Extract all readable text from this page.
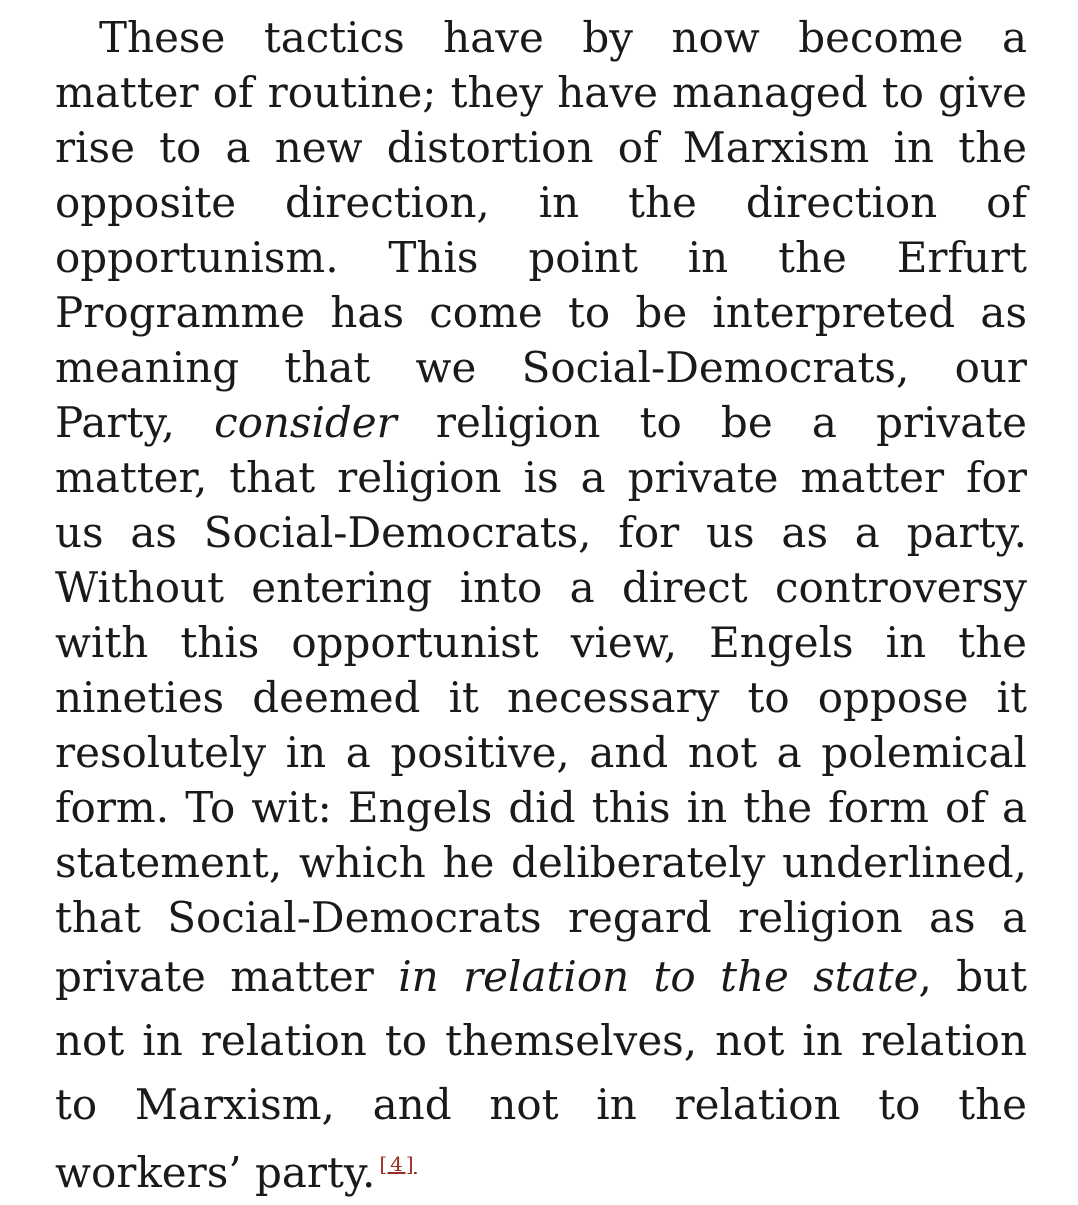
These tactics have by now become a matter of routine; they have managed to give rise to a new distortion of Marxism in the opposite direction, in the direction of opportunism. This point in the Erfurt Programme has come to be interpreted as meaning that we Social-Democrats, our Party, consider religion to be a private matter, that religion is a private matter for us as Social-Democrats, for us as a party. Without entering into a direct controversy with this opportunist view, Engels in the nineties deemed it necessary to oppose it resolutely in a positive, and not a polemical form. To wit: Engels did this in the form of a statement, which he deliberately underlined, that Social-Democrats regard religion as a private matter in relation to the state, but not in relation to themselves, not in relation to Marxism, and not in relation to the workers’ party. [4]
